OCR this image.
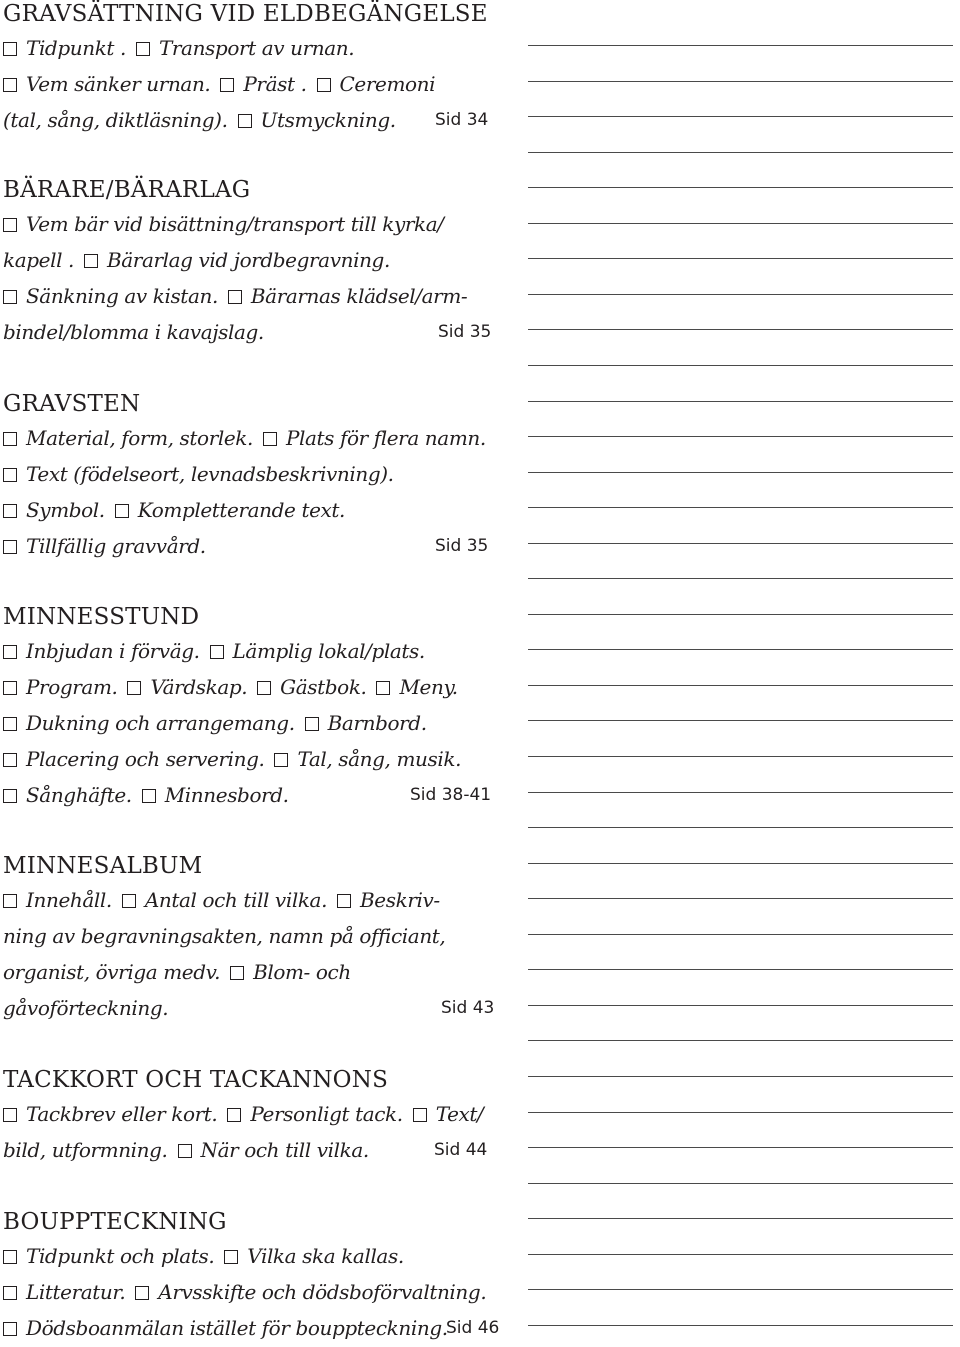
GRAVSÄTTNING VID ELDBEGÄNGELSE
Tidpunkt . Transport av urnan.
Vem sänker urnan. Präst . Ceremoni
(tal, sång, diktläsning). Utsmyckning. Sid 34
BÄRARE/BÄRARLAG
Vem bär vid bisättning/transport till kyrka/
kapell . Bärarlag vid jordbegravning.
Sänkning av kistan. Bärarnas klädsel/arm-
bindel/blomma i kavajslag.	Sid 35
GRAVSTEN
Material, form, storlek. Plats för flera namn.
Text (födelseort, levnadsbeskrivning).
Symbol. Kompletterande text.
Tillfällig gravvård.	Sid 35
MINNESSTUND
Inbjudan i förväg. Lämplig lokal/plats.
Program. Värdskap. Gästbok. Meny.
Dukning och arrangemang. Barnbord.
Placering och servering. Tal, sång, musik.
Sånghäfte. Minnesbord.	Sid 38-41
MINNESALBUM
Innehåll. Antal och till vilka. Beskriv-
ning av begravningsakten, namn på officiant,
organist, övriga medv. Blom- och
gåvoförteckning.	Sid 43
TACKKORT OCH TACKANNONS
Tackbrev eller kort. Personligt tack. Text/
bild, utformning. När och till vilka.	Sid 44
BOUPPTECKNING
Tidpunkt och plats. Vilka ska kallas.
Litteratur. Arvsskifte och dödsboförvaltning.
Dödsboanmälan istället för bouppteckning.
Sid 46
